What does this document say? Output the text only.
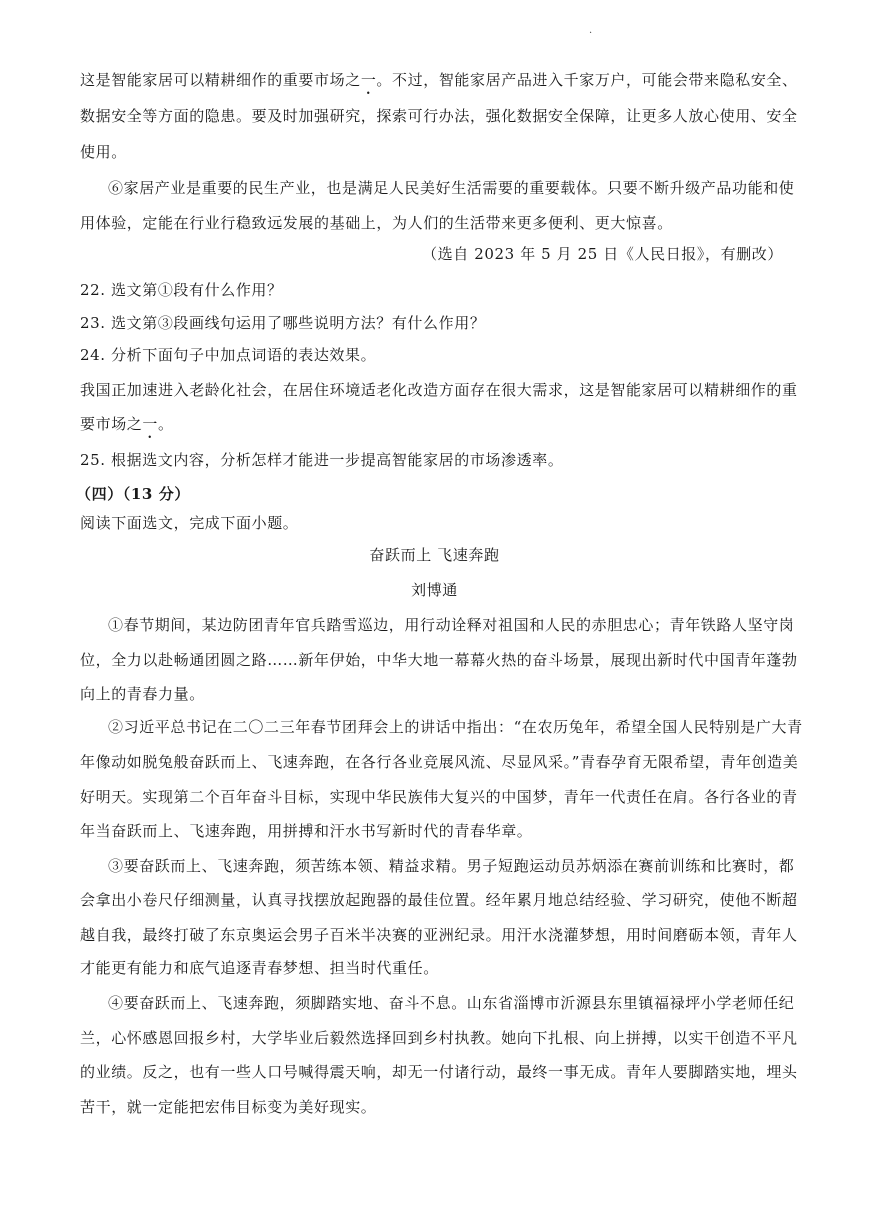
·
这是智能家居可以精耕细作的重要市场之一。不过，智能家居产品进入千家万户，可能会带来隐私安全、
数据安全等方面的隐患。要及时加强研究，探索可行办法，强化数据安全保障，让更多人放心使用、安全
使用。
⑥家居产业是重要的民生产业，也是满足人民美好生活需要的重要载体。只要不断升级产品功能和使
用体验，定能在行业行稳致远发展的基础上，为人们的生活带来更多便利、更大惊喜。
（选自 2023 年 5 月 25 日《人民日报》，有删改）
22. 选文第①段有什么作用？
23. 选文第③段画线句运用了哪些说明方法？有什么作用？
24. 分析下面句子中加点词语的表达效果。
我国正加速进入老龄化社会，在居住环境适老化改造方面存在很大需求，这是智能家居可以精耕细作的重
要市场之一。
25. 根据选文内容，分析怎样才能进一步提高智能家居的市场渗透率。
（四）（13 分）
阅读下面选文，完成下面小题。
奋跃而上 飞速奔跑
刘博通
①春节期间，某边防团青年官兵踏雪巡边，用行动诠释对祖国和人民的赤胆忠心；青年铁路人坚守岗
位，全力以赴畅通团圆之路……新年伊始，中华大地一幕幕火热的奋斗场景，展现出新时代中国青年蓬勃
向上的青春力量。
②习近平总书记在二〇二三年春节团拜会上的讲话中指出：“在农历兔年，希望全国人民特别是广大青
年像动如脱兔般奋跃而上、飞速奔跑，在各行各业竞展风流、尽显风采。”青春孕育无限希望，青年创造美
好明天。实现第二个百年奋斗目标，实现中华民族伟大复兴的中国梦，青年一代责任在肩。各行各业的青
年当奋跃而上、飞速奔跑，用拼搏和汗水书写新时代的青春华章。
③要奋跃而上、飞速奔跑，须苦练本领、精益求精。男子短跑运动员苏炳添在赛前训练和比赛时，都
会拿出小卷尺仔细测量，认真寻找摆放起跑器的最佳位置。经年累月地总结经验、学习研究，使他不断超
越自我，最终打破了东京奥运会男子百米半决赛的亚洲纪录。用汗水浇灌梦想，用时间磨砺本领，青年人
才能更有能力和底气追逐青春梦想、担当时代重任。
④要奋跃而上、飞速奔跑，须脚踏实地、奋斗不息。山东省淄博市沂源县东里镇福禄坪小学老师任纪
兰，心怀感恩回报乡村，大学毕业后毅然选择回到乡村执教。她向下扎根、向上拼搏，以实干创造不平凡
的业绩。反之，也有一些人口号喊得震天响，却无一付诸行动，最终一事无成。青年人要脚踏实地，埋头
苦干，就一定能把宏伟目标变为美好现实。
